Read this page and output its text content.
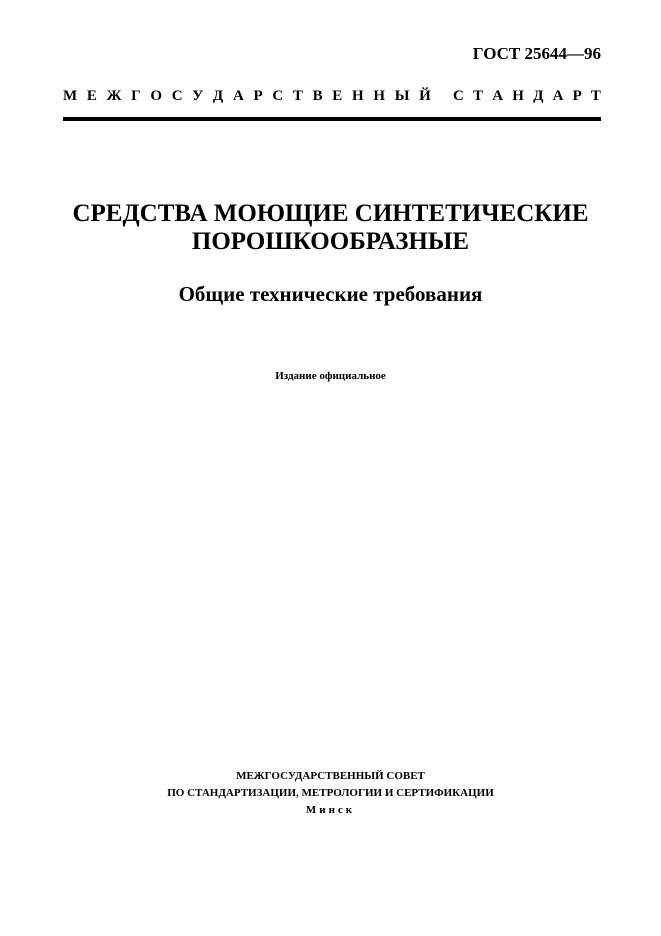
ГОСТ 25644—96
М Е Ж Г О С У Д А Р С Т В Е Н Н Ы Й С Т А Н Д А Р Т
СРЕДСТВА МОЮЩИЕ СИНТЕТИЧЕСКИЕ
ПОРОШКООБРАЗНЫЕ
Общие технические требования
Издание официальное
МЕЖГОСУДАРСТВЕННЫЙ СОВЕТ
ПО СТАНДАРТИЗАЦИИ, МЕТРОЛОГИИ И СЕРТИФИКАЦИИ
Минск
